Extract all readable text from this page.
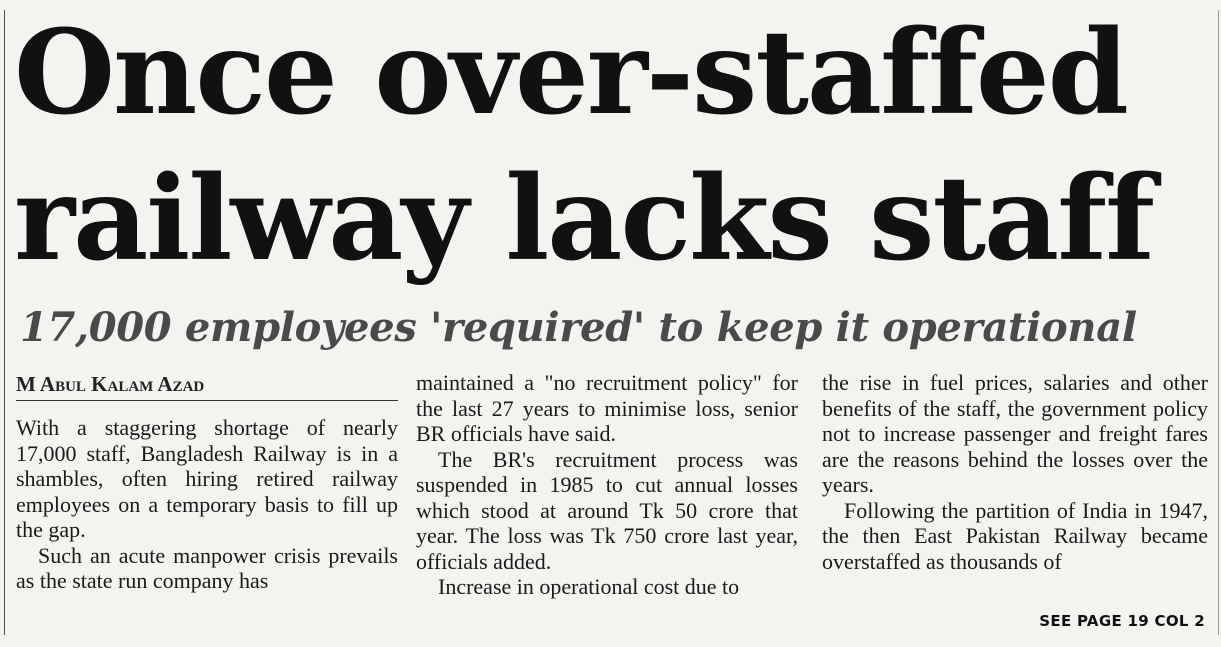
Once over-staffed
railway lacks staff
17,000 employees 'required' to keep it operational
M Abul Kalam Azad

With a staggering shortage of nearly 17,000 staff, Bangladesh Railway is in a shambles, often hiring retired railway employees on a temporary basis to fill up the gap.

Such an acute manpower crisis prevails as the state run company has

maintained a "no recruitment policy" for the last 27 years to minimise loss, senior BR officials have said.

The BR's recruitment process was suspended in 1985 to cut annual losses which stood at around Tk 50 crore that year. The loss was Tk 750 crore last year, officials added.

Increase in operational cost due to

the rise in fuel prices, salaries and other benefits of the staff, the government policy not to increase passenger and freight fares are the reasons behind the losses over the years.

Following the partition of India in 1947, the then East Pakistan Railway became overstaffed as thousands of

SEE PAGE 19 COL 2
